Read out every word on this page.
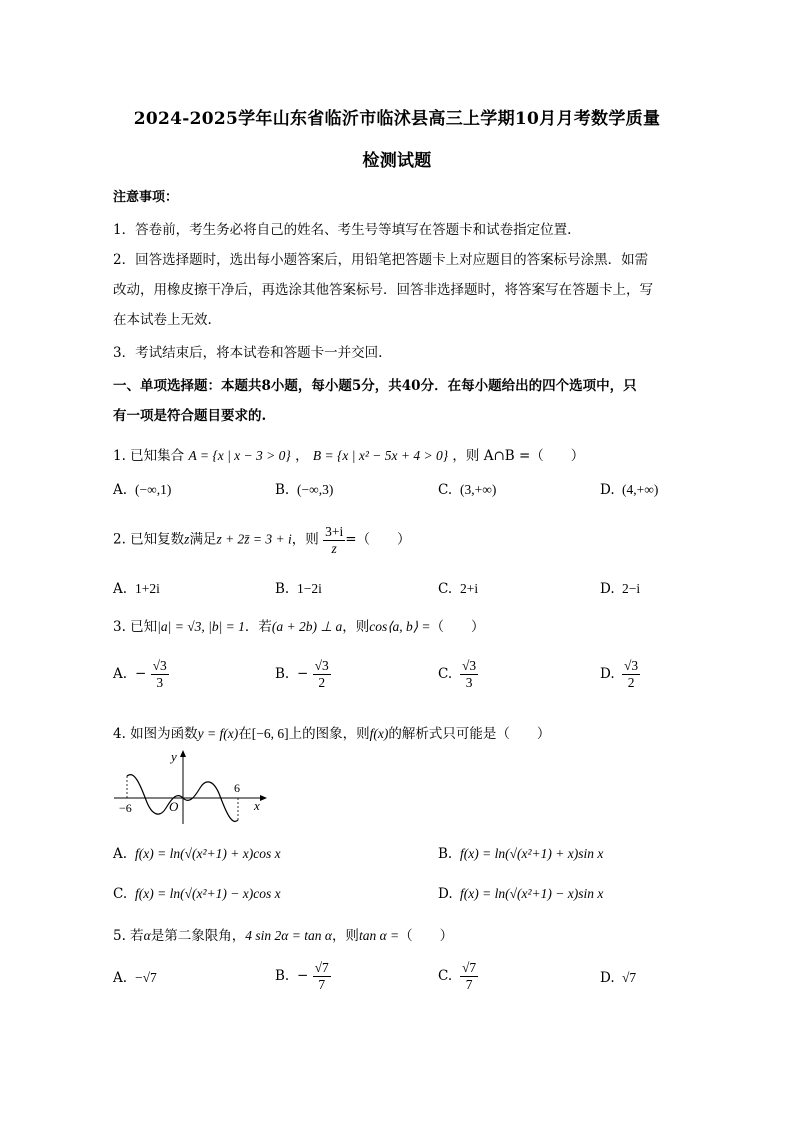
2024-2025学年山东省临沂市临沭县高三上学期10月月考数学质量
检测试题
注意事项：
1．答卷前，考生务必将自己的姓名、考生号等填写在答题卡和试卷指定位置.
2．回答选择题时，选出每小题答案后，用铅笔把答题卡上对应题目的答案标号涂黑．如需
改动，用橡皮擦干净后，再选涂其他答案标号．回答非选择题时，将答案写在答题卡上，写
在本试卷上无效.
3．考试结束后，将本试卷和答题卡一并交回.
一、单项选择题：本题共8小题，每小题5分，共40分．在每小题给出的四个选项中，只
有一项是符合题目要求的.
1. 已知集合 A = {x | x − 3 > 0} ， B = {x | x² − 5x + 4 > 0} ，则 A∩B =（　　）
A. (−∞,1)	B. (−∞,3)	C. (3,+∞)	D. (4,+∞)
2. 已知复数z满足z + 2z̄ = 3 + i，则 $\frac{3+i}{z}$ =（　　）
A. 1+2i	B. 1−2i	C. 2+i	D. 2−i
3. 已知|a| = √3, |b| = 1．若(a + 2b) ⊥ a，则cos⟨a, b⟩ =（　　）
A. − $\frac{√3}{3}$	B. − $\frac{√3}{2}$	C. $\frac{√3}{3}$	D. $\frac{√3}{2}$
4. 如图为函数y = f(x)在[−6, 6]上的图象，则f(x)的解析式只可能是（　　）
−6	O
6
x
y
A. f(x) = ln(√(x²+1) + x)cos x	B. f(x) = ln(√(x²+1) + x)sin x
C. f(x) = ln(√(x²+1) − x)cos x	D. f(x) = ln(√(x²+1) − x)sin x
5. 若α是第二象限角，4 sin 2α = tan α，则tan α =（　　）
A. −√7	B. − $\frac{√7}{7}$	C. $\frac{√7}{7}$	D. √7
